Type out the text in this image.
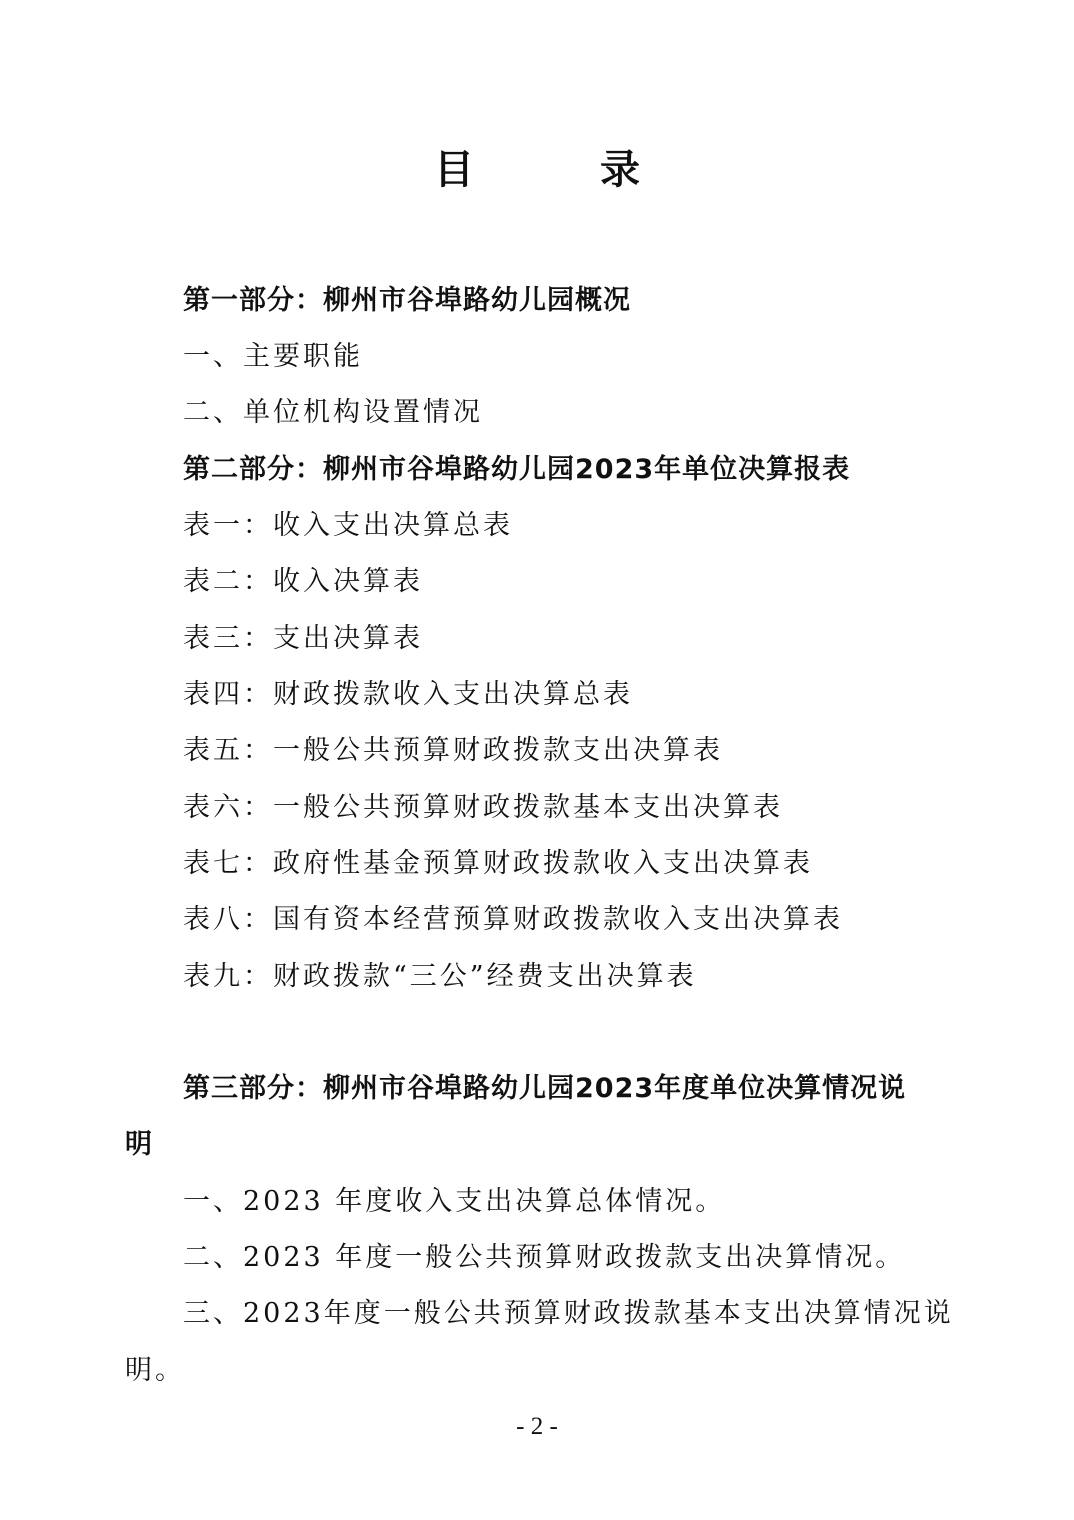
目 录
第一部分：柳州市谷埠路幼儿园概况
一、主要职能
二、单位机构设置情况
第二部分：柳州市谷埠路幼儿园2023年单位决算报表
表一：收入支出决算总表
表二：收入决算表
表三：支出决算表
表四：财政拨款收入支出决算总表
表五：一般公共预算财政拨款支出决算表
表六：一般公共预算财政拨款基本支出决算表
表七：政府性基金预算财政拨款收入支出决算表
表八：国有资本经营预算财政拨款收入支出决算表
表九：财政拨款“三公”经费支出决算表
第三部分：柳州市谷埠路幼儿园2023年度单位决算情况说
明
一、2023 年度收入支出决算总体情况。
二、2023 年度一般公共预算财政拨款支出决算情况。
三、2023年度一般公共预算财政拨款基本支出决算情况说
明。
- 2 -
